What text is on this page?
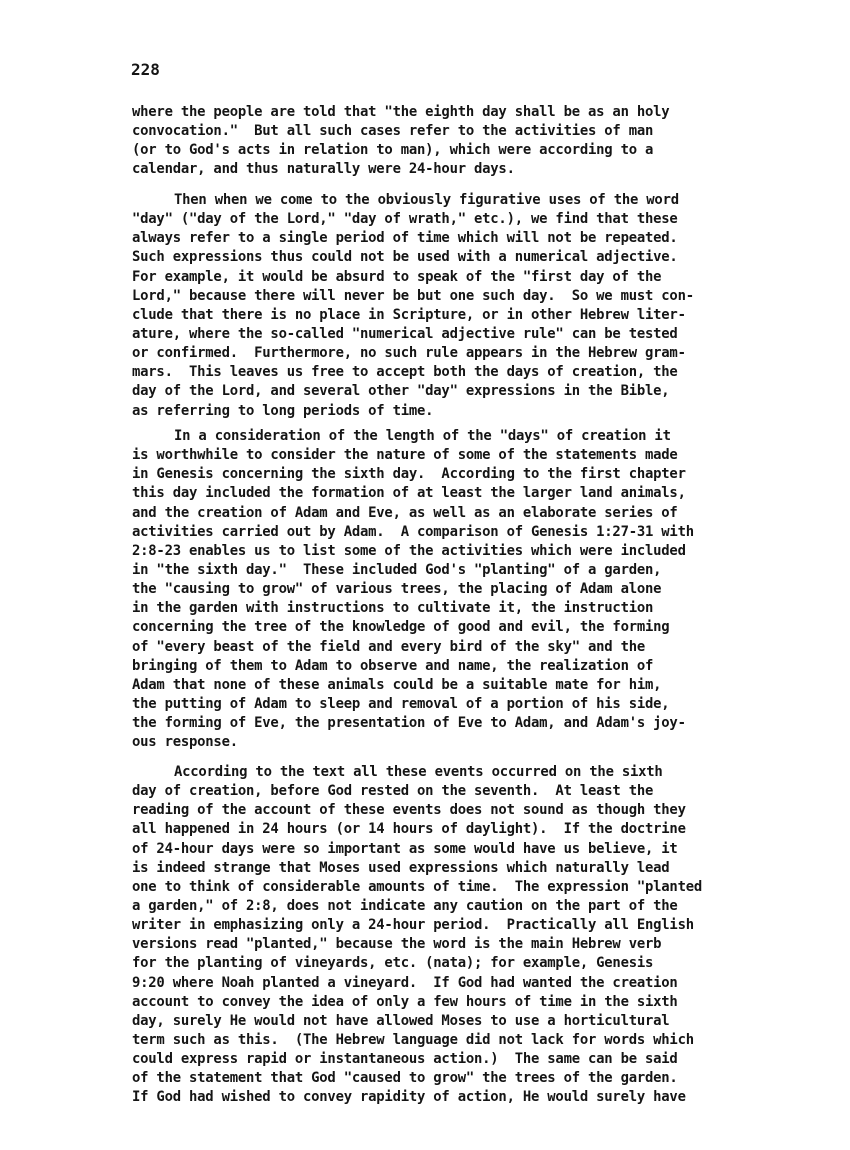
228
where the people are told that "the eighth day shall be as an holy
convocation."  But all such cases refer to the activities of man
(or to God's acts in relation to man), which were according to a
calendar, and thus naturally were 24-hour days.
Then when we come to the obviously figurative uses of the word
"day" ("day of the Lord," "day of wrath," etc.), we find that these
always refer to a single period of time which will not be repeated.
Such expressions thus could not be used with a numerical adjective.
For example, it would be absurd to speak of the "first day of the
Lord," because there will never be but one such day.  So we must con-
clude that there is no place in Scripture, or in other Hebrew liter-
ature, where the so-called "numerical adjective rule" can be tested
or confirmed.  Furthermore, no such rule appears in the Hebrew gram-
mars.  This leaves us free to accept both the days of creation, the
day of the Lord, and several other "day" expressions in the Bible,
as referring to long periods of time.
In a consideration of the length of the "days" of creation it
is worthwhile to consider the nature of some of the statements made
in Genesis concerning the sixth day.  According to the first chapter
this day included the formation of at least the larger land animals,
and the creation of Adam and Eve, as well as an elaborate series of
activities carried out by Adam.  A comparison of Genesis 1:27-31 with
2:8-23 enables us to list some of the activities which were included
in "the sixth day."  These included God's "planting" of a garden,
the "causing to grow" of various trees, the placing of Adam alone
in the garden with instructions to cultivate it, the instruction
concerning the tree of the knowledge of good and evil, the forming
of "every beast of the field and every bird of the sky" and the
bringing of them to Adam to observe and name, the realization of
Adam that none of these animals could be a suitable mate for him,
the putting of Adam to sleep and removal of a portion of his side,
the forming of Eve, the presentation of Eve to Adam, and Adam's joy-
ous response.
According to the text all these events occurred on the sixth
day of creation, before God rested on the seventh.  At least the
reading of the account of these events does not sound as though they
all happened in 24 hours (or 14 hours of daylight).  If the doctrine
of 24-hour days were so important as some would have us believe, it
is indeed strange that Moses used expressions which naturally lead
one to think of considerable amounts of time.  The expression "planted
a garden," of 2:8, does not indicate any caution on the part of the
writer in emphasizing only a 24-hour period.  Practically all English
versions read "planted," because the word is the main Hebrew verb
for the planting of vineyards, etc. (nata); for example, Genesis
9:20 where Noah planted a vineyard.  If God had wanted the creation
account to convey the idea of only a few hours of time in the sixth
day, surely He would not have allowed Moses to use a horticultural
term such as this.  (The Hebrew language did not lack for words which
could express rapid or instantaneous action.)  The same can be said
of the statement that God "caused to grow" the trees of the garden.
If God had wished to convey rapidity of action, He would surely have
